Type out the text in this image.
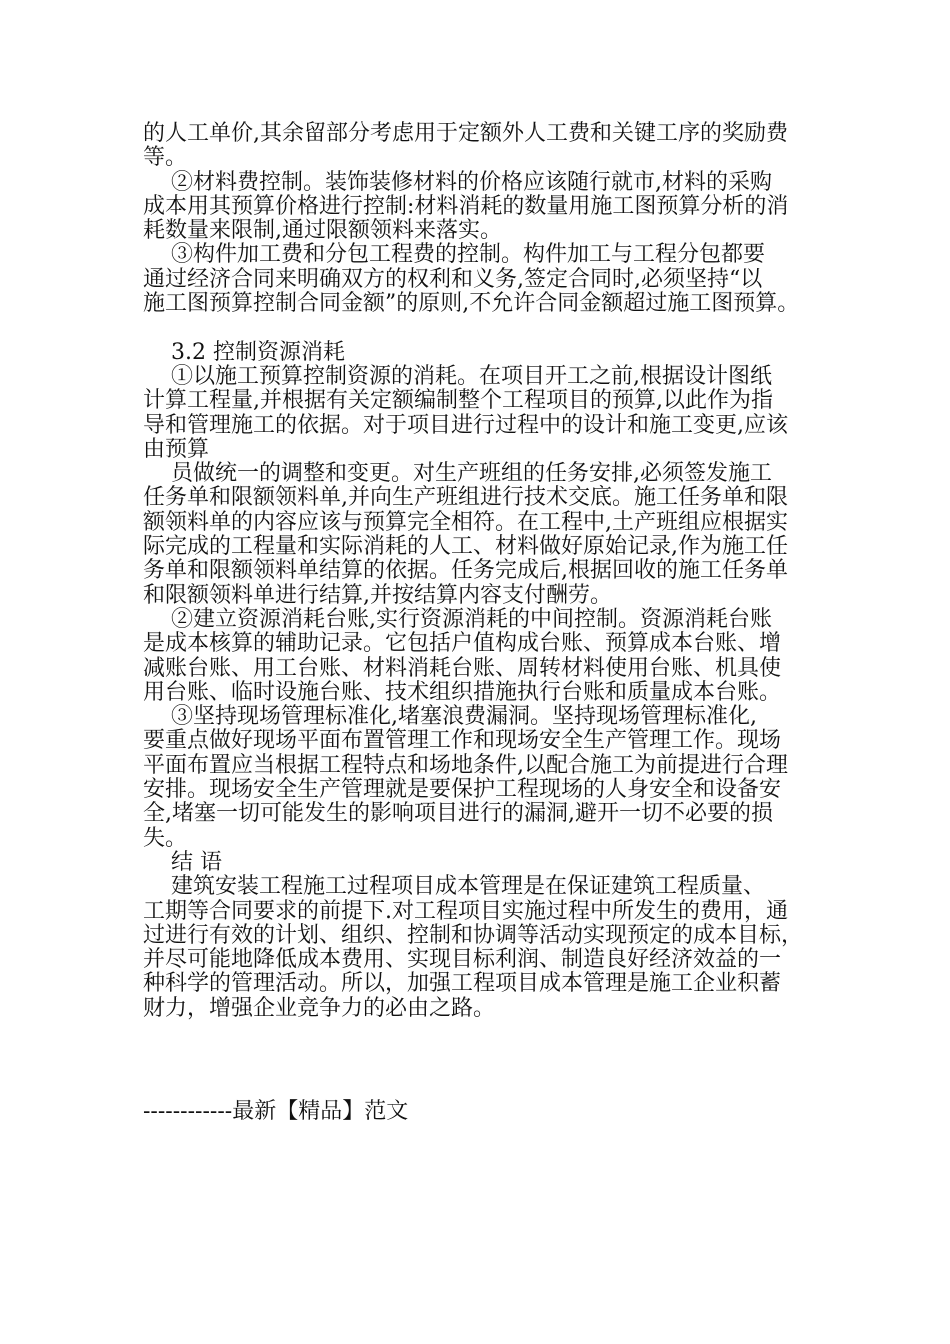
的人工单价,其余留部分考虑用于定额外人工费和关键工序的奖励费
等。
②材料费控制。装饰装修材料的价格应该随行就市,材料的采购
成本用其预算价格进行控制:材料消耗的数量用施工图预算分析的消
耗数量来限制,通过限额领料来落实。
③构件加工费和分包工程费的控制。构件加工与工程分包都要
通过经济合同来明确双方的权利和义务,签定合同时,必须坚持“以
施工图预算控制合同金额”的原则,不允许合同金额超过施工图预算。
3.2 控制资源消耗
①以施工预算控制资源的消耗。在项目开工之前,根据设计图纸
计算工程量,并根据有关定额编制整个工程项目的预算,以此作为指
导和管理施工的依据。对于项目进行过程中的设计和施工变更,应该
由预算
员做统一的调整和变更。对生产班组的任务安排,必须签发施工
任务单和限额领料单,并向生产班组进行技术交底。施工任务单和限
额领料单的内容应该与预算完全相符。在工程中,土产班组应根据实
际完成的工程量和实际消耗的人工、材料做好原始记录,作为施工任
务单和限额领料单结算的依据。任务完成后,根据回收的施工任务单
和限额领料单进行结算,并按结算内容支付酬劳。
②建立资源消耗台账,实行资源消耗的中间控制。资源消耗台账
是成本核算的辅助记录。它包括户值构成台账、预算成本台账、增
减账台账、用工台账、材料消耗台账、周转材料使用台账、机具使
用台账、临时设施台账、技术组织措施执行台账和质量成本台账。
③坚持现场管理标准化,堵塞浪费漏洞。坚持现场管理标准化,
要重点做好现场平面布置管理工作和现场安全生产管理工作。现场
平面布置应当根据工程特点和场地条件,以配合施工为前提进行合理
安排。现场安全生产管理就是要保护工程现场的人身安全和设备安
全,堵塞一切可能发生的影响项目进行的漏洞,避开一切不必要的损
失。
结 语
建筑安装工程施工过程项目成本管理是在保证建筑工程质量、
工期等合同要求的前提下.对工程项目实施过程中所发生的费用，通
过进行有效的计划、组织、控制和协调等活动实现预定的成本目标，
并尽可能地降低成本费用、实现目标利润、制造良好经济效益的一
种科学的管理活动。所以，加强工程项目成本管理是施工企业积蓄
财力，增强企业竞争力的必由之路。
------------最新【精品】范文
